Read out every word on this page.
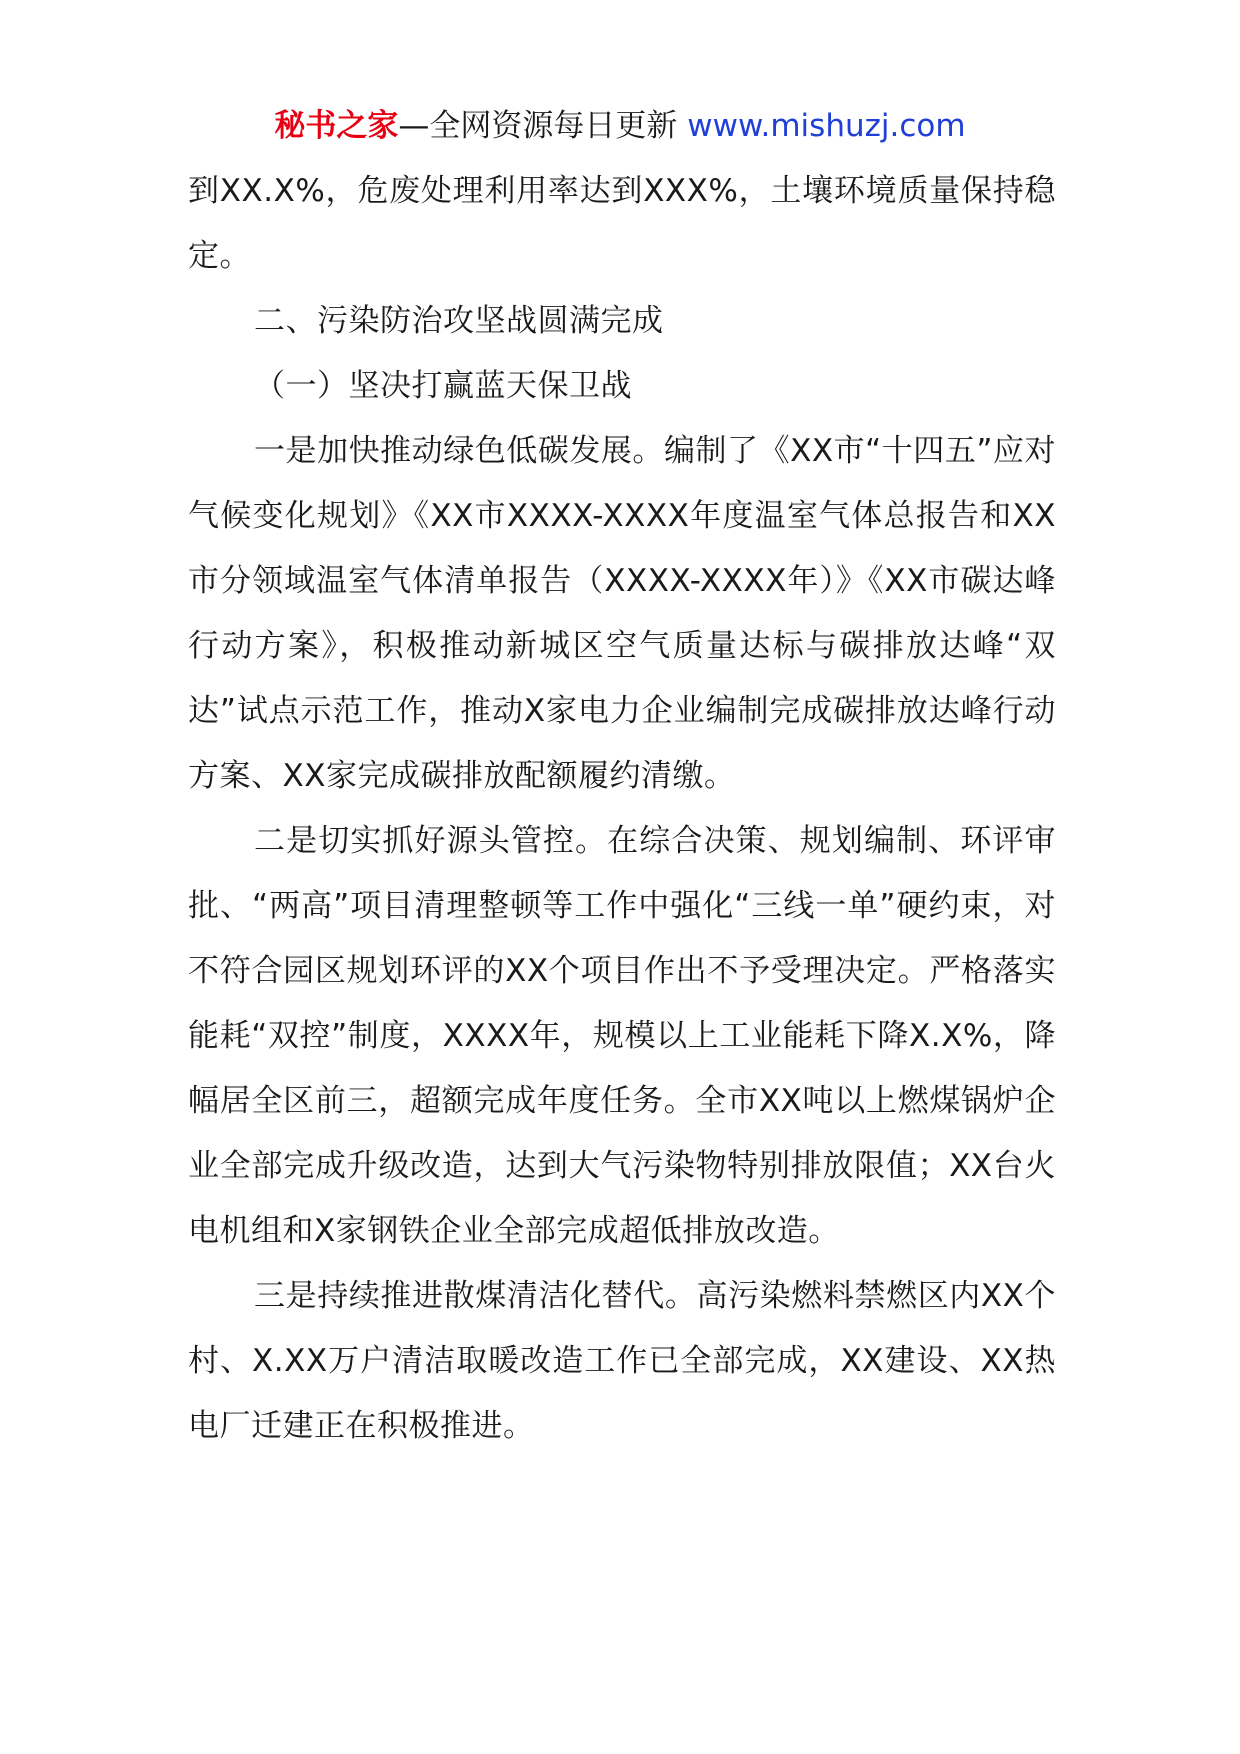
秘书之家—全网资源每日更新 www.mishuzj.com

到XX.X%，危废处理利用率达到XXX%，土壤环境质量保持稳定。

二、污染防治攻坚战圆满完成

（一）坚决打赢蓝天保卫战

一是加快推动绿色低碳发展。编制了《XX市“十四五”应对气候变化规划》《XX市XXXX-XXXX年度温室气体总报告和XX市分领域温室气体清单报告（XXXX-XXXX年）》《XX市碳达峰行动方案》，积极推动新城区空气质量达标与碳排放达峰“双达”试点示范工作，推动X家电力企业编制完成碳排放达峰行动方案、XX家完成碳排放配额履约清缴。

二是切实抓好源头管控。在综合决策、规划编制、环评审批、“两高”项目清理整顿等工作中强化“三线一单”硬约束，对不符合园区规划环评的XX个项目作出不予受理决定。严格落实能耗“双控”制度，XXXX年，规模以上工业能耗下降X.X%，降幅居全区前三，超额完成年度任务。全市XX吨以上燃煤锅炉企业全部完成升级改造，达到大气污染物特别排放限值；XX台火电机组和X家钢铁企业全部完成超低排放改造。

三是持续推进散煤清洁化替代。高污染燃料禁燃区内XX个村、X.XX万户清洁取暖改造工作已全部完成，XX建设、XX热电厂迁建正在积极推进。
